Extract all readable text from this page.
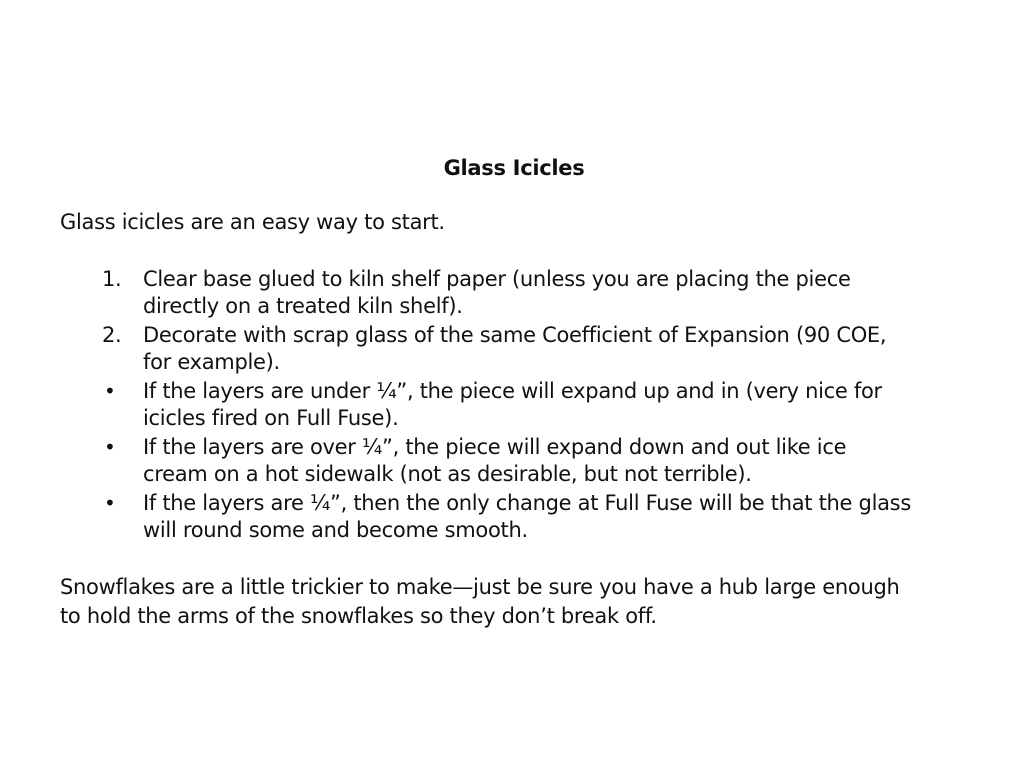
Glass Icicles
Glass icicles are an easy way to start.
1.	Clear base glued to kiln shelf paper (unless you are placing the piece
directly on a treated kiln shelf).
2.	Decorate with scrap glass of the same Coefficient of Expansion (90 COE,
for example).
•	If the layers are under ¼”, the piece will expand up and in (very nice for
icicles fired on Full Fuse).
•	If the layers are over ¼”, the piece will expand down and out like ice
cream on a hot sidewalk (not as desirable, but not terrible).
•	If the layers are ¼”, then the only change at Full Fuse will be that the glass
will round some and become smooth.
Snowflakes are a little trickier to make—just be sure you have a hub large enough
to hold the arms of the snowflakes so they don’t break off.
